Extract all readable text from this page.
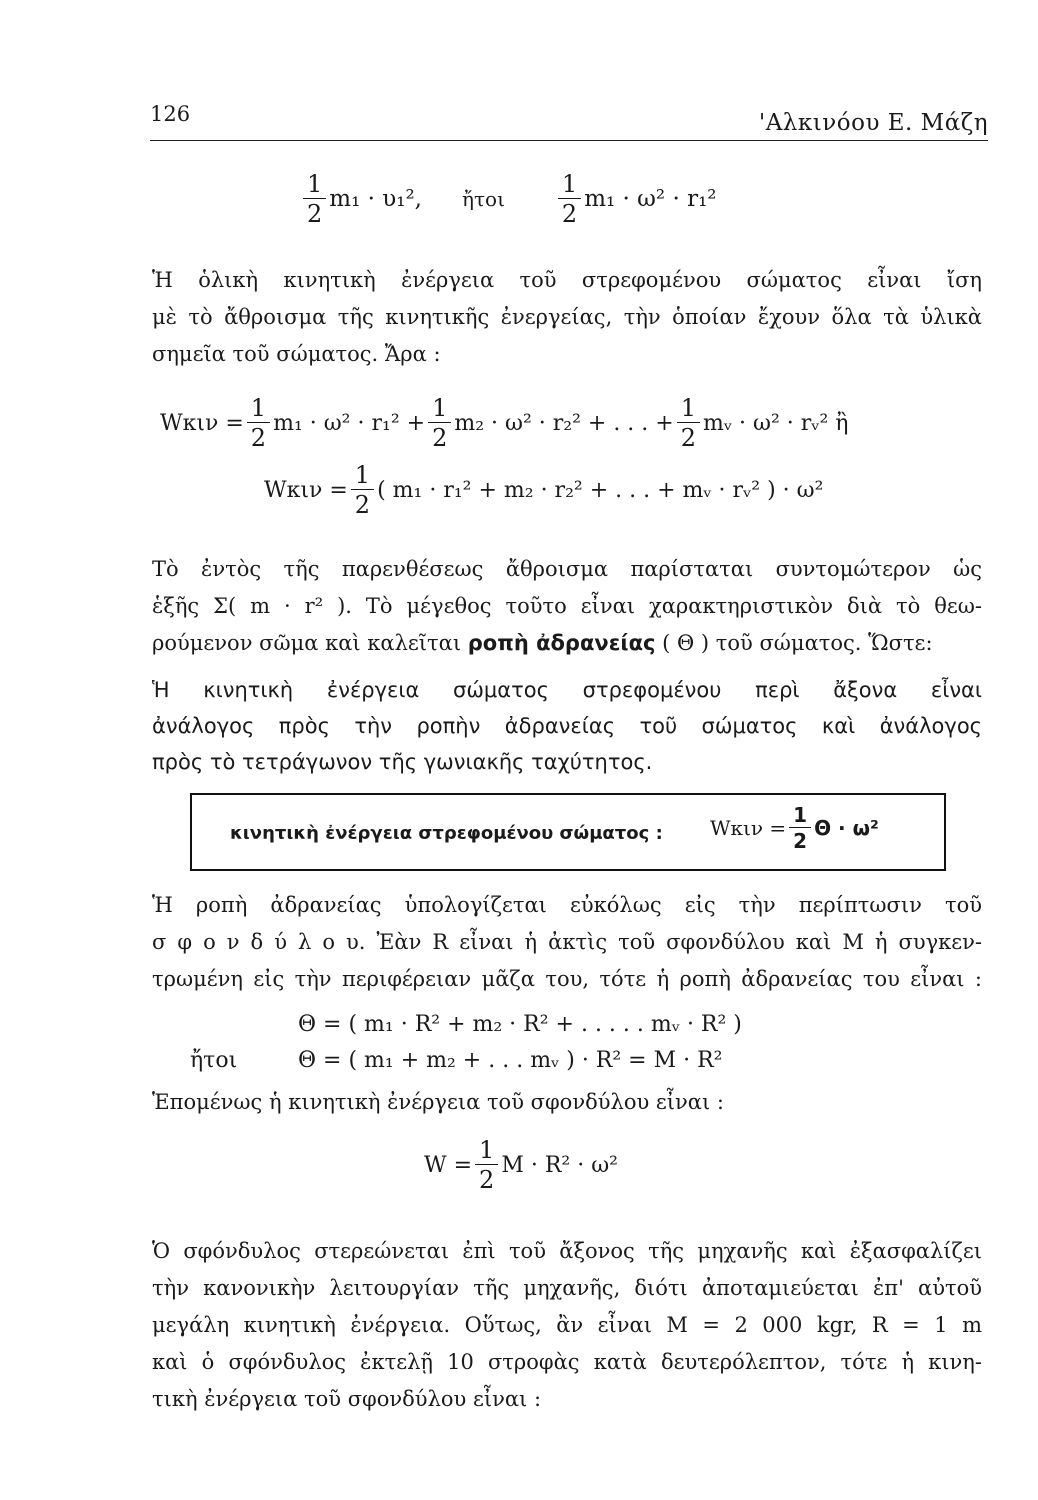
126	'Αλκινόου Ε. Μάζη
$\frac{1}{2} m_1 \cdot \upsilon_1^2$, ἤτοι $\frac{1}{2} m_1 \cdot \omega^2 \cdot r_1^2$
Ἡ ὁλικὴ κινητικὴ ἐνέργεια τοῦ στρεφομένου σώματος εἶναι ἴση
μὲ τὸ ἄθροισμα τῆς κινητικῆς ἐνεργείας, τὴν ὁποίαν ἔχουν ὅλα τὰ ὑλικὰ
σημεῖα τοῦ σώματος. Ἄρα :
$W\kappa\iota\nu = \frac{1}{2} m_1 \cdot \omega^2 \cdot r_1^2 + \frac{1}{2} m_2 \cdot \omega^2 \cdot r_2^2$ + . . . + $\frac{1}{2}$ mᵥ · ω² · rᵥ² ἢ
$W\kappa\iota\nu = \frac{1}{2}$ ( m₁ · r₁² + m₂ · r₂² + . . . + mᵥ · rᵥ² ) · ω²
Τὸ ἐντὸς τῆς παρενθέσεως ἄθροισμα παρίσταται συντομώτερον ὡς
ἑξῆς Σ( m · r² ). Τὸ μέγεθος τοῦτο εἶναι χαρακτηριστικὸν διὰ τὸ θεω-
ρούμενον σῶμα καὶ καλεῖται ροπὴ ἀδρανείας ( Θ ) τοῦ σώματος. Ὥστε:
Ἡ κινητικὴ ἐνέργεια σώματος στρεφομένου περὶ ἄξονα εἶναι
ἀνάλογος πρὸς τὴν ροπὴν ἀδρανείας τοῦ σώματος καὶ ἀνάλογος
πρὸς τὸ τετράγωνον τῆς γωνιακῆς ταχύτητος.
κινητικὴ ἐνέργεια στρεφομένου σώματος : $W\kappa\iota\nu = \frac{1}{2}$ Θ · ω²
Ἡ ροπὴ ἀδρανείας ὑπολογίζεται εὐκόλως εἰς τὴν περίπτωσιν τοῦ
σ φ ο ν δ ύ λ ο υ. Ἐὰν R εἶναι ἡ ἀκτὶς τοῦ σφονδύλου καὶ M ἡ συγκεν-
τρωμένη εἰς τὴν περιφέρειαν μᾶζα του, τότε ἡ ροπὴ ἀδρανείας του εἶναι :
Θ = ( m₁ · R² + m₂ · R² + . . . . . mᵥ · R² )
ἤτοι	Θ = ( m₁ + m₂ + . . . mᵥ ) · R² = M · R²
Ἑπομένως ἡ κινητικὴ ἐνέργεια τοῦ σφονδύλου εἶναι :
$W = \frac{1}{2}$ M · R² · ω²
Ὁ σφόνδυλος στερεώνεται ἐπὶ τοῦ ἄξονος τῆς μηχανῆς καὶ ἐξασφαλίζει
τὴν κανονικὴν λειτουργίαν τῆς μηχανῆς, διότι ἀποταμιεύεται ἐπ' αὐτοῦ
μεγάλη κινητικὴ ἐνέργεια. Οὕτως, ἂν εἶναι M = 2 000 kgr, R = 1 m
καὶ ὁ σφόνδυλος ἐκτελῇ 10 στροφὰς κατὰ δευτερόλεπτον, τότε ἡ κινη-
τικὴ ἐνέργεια τοῦ σφονδύλου εἶναι :
